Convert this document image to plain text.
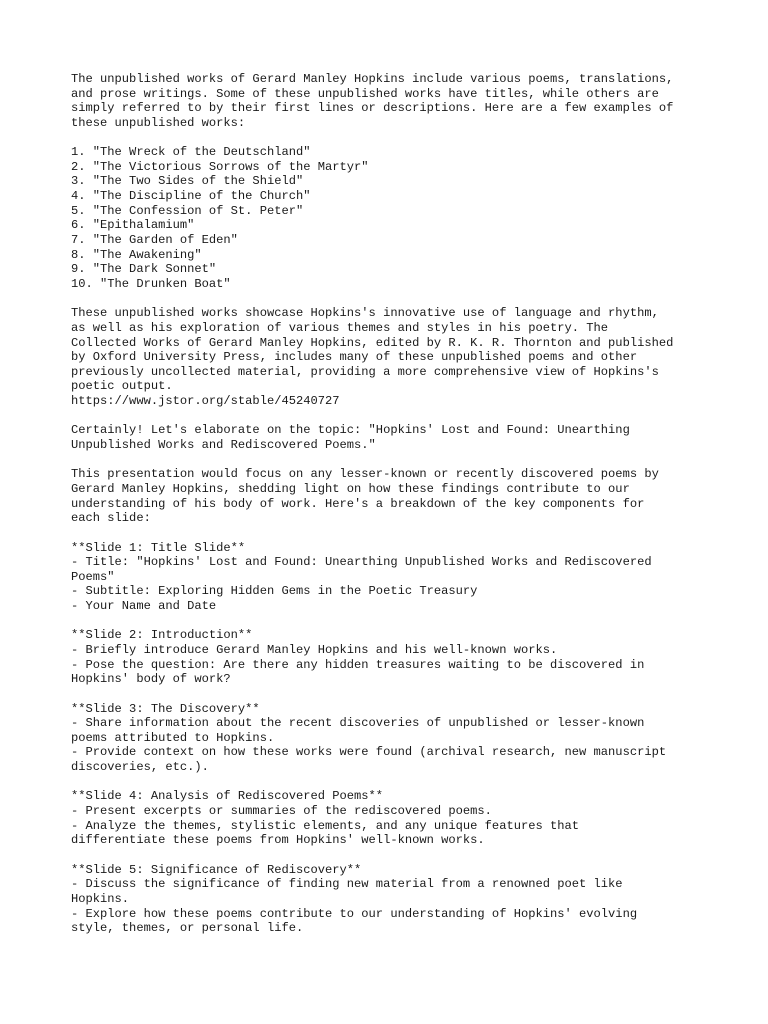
The unpublished works of Gerard Manley Hopkins include various poems, translations,
and prose writings. Some of these unpublished works have titles, while others are
simply referred to by their first lines or descriptions. Here are a few examples of
these unpublished works:
1. "The Wreck of the Deutschland"
2. "The Victorious Sorrows of the Martyr"
3. "The Two Sides of the Shield"
4. "The Discipline of the Church"
5. "The Confession of St. Peter"
6. "Epithalamium"
7. "The Garden of Eden"
8. "The Awakening"
9. "The Dark Sonnet"
10. "The Drunken Boat"
These unpublished works showcase Hopkins's innovative use of language and rhythm,
as well as his exploration of various themes and styles in his poetry. The
Collected Works of Gerard Manley Hopkins, edited by R. K. R. Thornton and published
by Oxford University Press, includes many of these unpublished poems and other
previously uncollected material, providing a more comprehensive view of Hopkins's
poetic output.
https://www.jstor.org/stable/45240727
Certainly! Let's elaborate on the topic: "Hopkins' Lost and Found: Unearthing
Unpublished Works and Rediscovered Poems."
This presentation would focus on any lesser-known or recently discovered poems by
Gerard Manley Hopkins, shedding light on how these findings contribute to our
understanding of his body of work. Here's a breakdown of the key components for
each slide:
**Slide 1: Title Slide**
- Title: "Hopkins' Lost and Found: Unearthing Unpublished Works and Rediscovered
Poems"
- Subtitle: Exploring Hidden Gems in the Poetic Treasury
- Your Name and Date
**Slide 2: Introduction**
- Briefly introduce Gerard Manley Hopkins and his well-known works.
- Pose the question: Are there any hidden treasures waiting to be discovered in
Hopkins' body of work?
**Slide 3: The Discovery**
- Share information about the recent discoveries of unpublished or lesser-known
poems attributed to Hopkins.
- Provide context on how these works were found (archival research, new manuscript
discoveries, etc.).
**Slide 4: Analysis of Rediscovered Poems**
- Present excerpts or summaries of the rediscovered poems.
- Analyze the themes, stylistic elements, and any unique features that
differentiate these poems from Hopkins' well-known works.
**Slide 5: Significance of Rediscovery**
- Discuss the significance of finding new material from a renowned poet like
Hopkins.
- Explore how these poems contribute to our understanding of Hopkins' evolving
style, themes, or personal life.
